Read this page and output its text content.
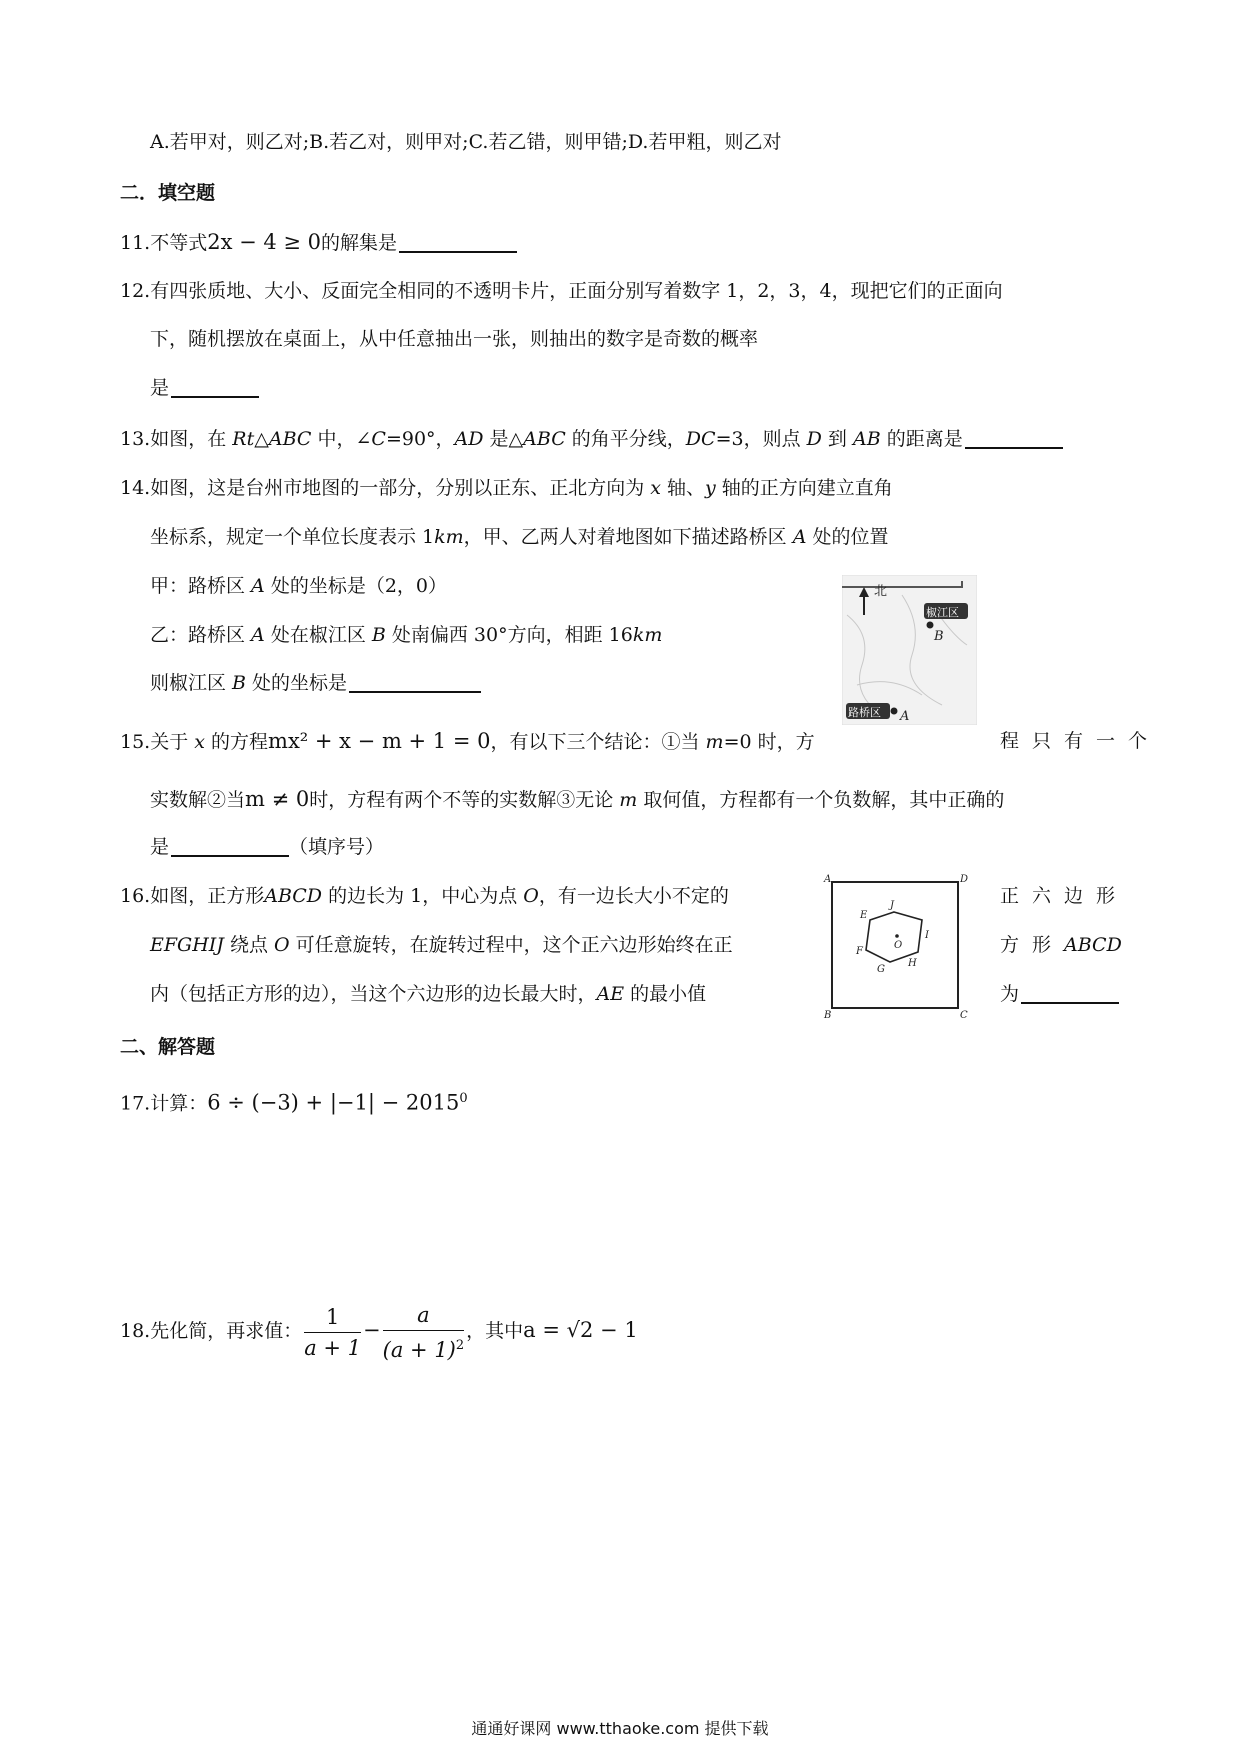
A.若甲对，则乙对;B.若乙对，则甲对;C.若乙错，则甲错;D.若甲粗，则乙对
二．填空题
11.不等式2x − 4 ≥ 0的解集是
12.有四张质地、大小、反面完全相同的不透明卡片，正面分别写着数字 1，2，3，4，现把它们的正面向
下，随机摆放在桌面上，从中任意抽出一张，则抽出的数字是奇数的概率
是
13.如图，在 Rt△ABC 中，∠C=90°，AD 是△ABC 的角平分线，DC=3，则点 D 到 AB 的距离是
14.如图，这是台州市地图的一部分，分别以正东、正北方向为 x 轴、y 轴的正方向建立直角
坐标系，规定一个单位长度表示 1km，甲、乙两人对着地图如下描述路桥区 A 处的位置
甲：路桥区 A 处的坐标是（2，0）
乙：路桥区 A 处在椒江区 B 处南偏西 30°方向，相距 16km
则椒江区 B 处的坐标是
北
椒江区
B
路桥区 A
15.关于 x 的方程mx² + x − m + 1 = 0，有以下三个结论：①当 m=0 时，方	程只有一个
实数解②当m ≠ 0时，方程有两个不等的实数解③无论 m 取何值，方程都有一个负数解，其中正确的
是	（填序号）
16.如图，正方形ABCD 的边长为 1，中心为点 O，有一边长大小不定的	正六边形
EFGHIJ 绕点 O 可任意旋转，在旋转过程中，这个正六边形始终在正	方形ABCD
内（包括正方形的边），当这个六边形的边长最大时，AE 的最小值	为
A	D
B	C
E
J
I
H
G
F
O
二、解答题
17.计算：$6 \div (-3) + |-1| - 2015^0$
18.先化简，再求值： $\frac{1}{a + 1} - \frac{a}{(a + 1)^2}$ ，其中a = √2 − 1
通通好课网 www.tthaoke.com 提供下载
